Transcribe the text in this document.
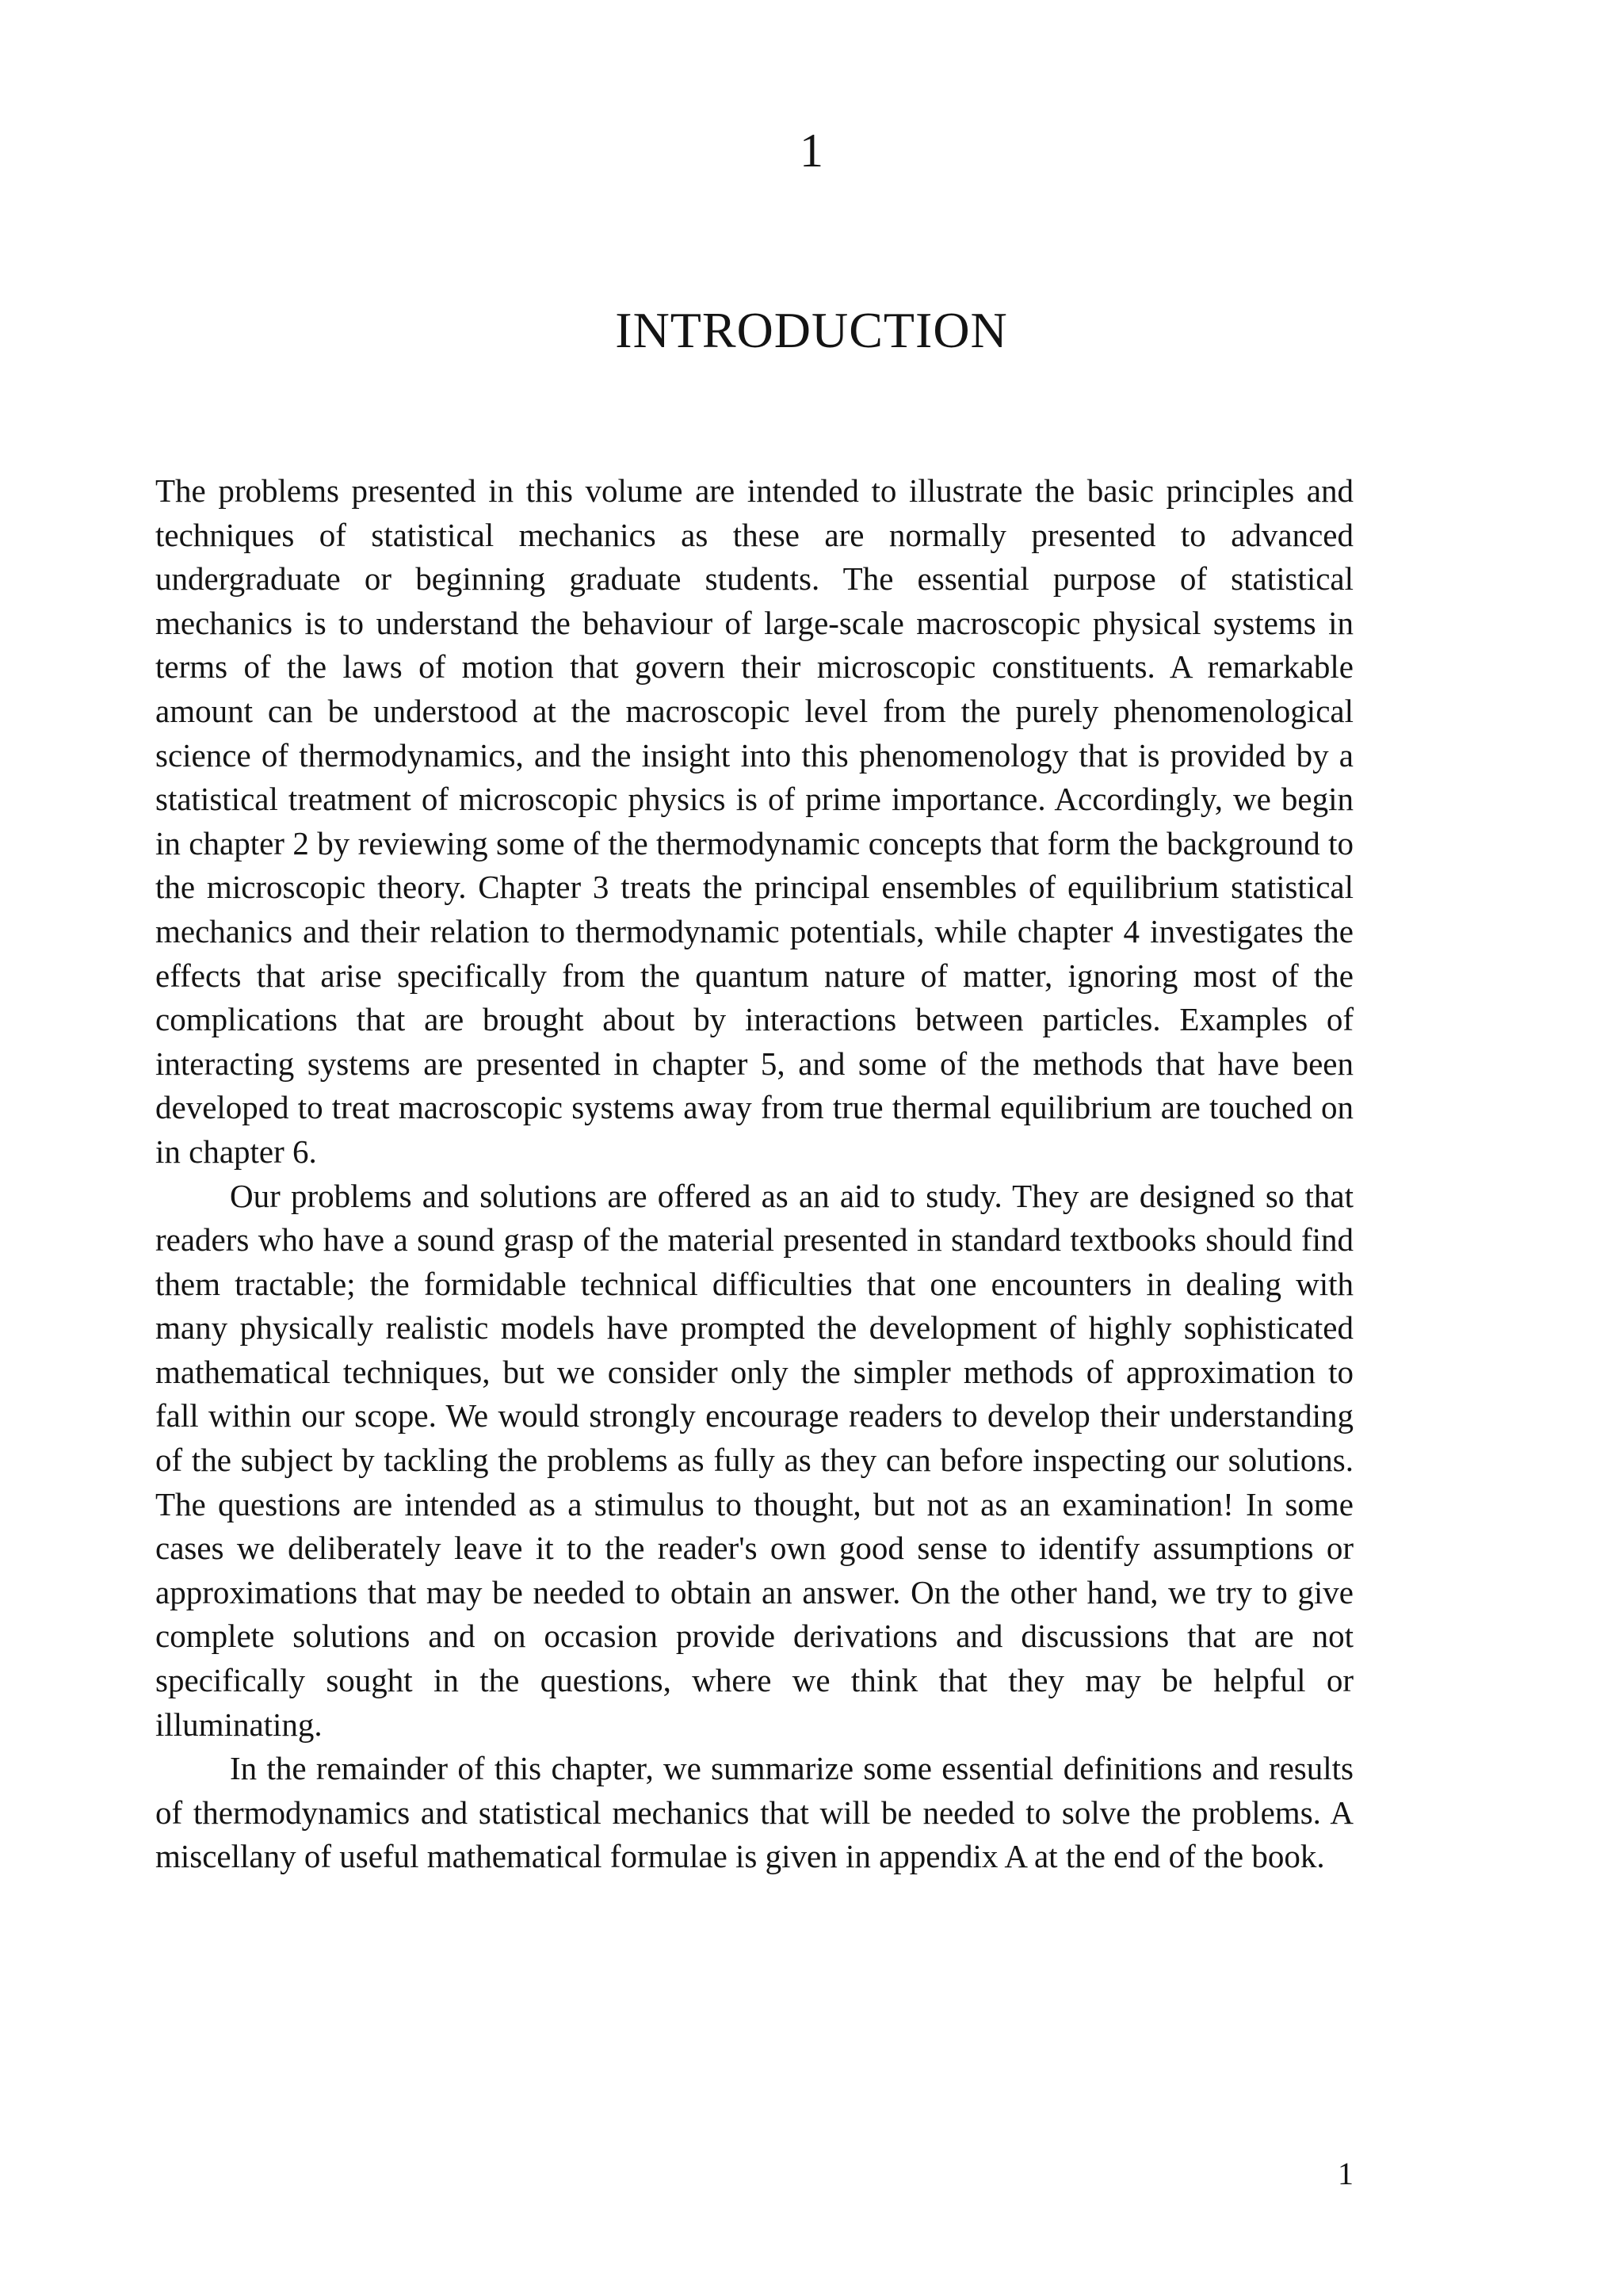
1
INTRODUCTION

The problems presented in this volume are intended to illustrate the basic principles and techniques of statistical mechanics as these are normally presented to advanced undergraduate or beginning graduate students. The essential purpose of statistical mechanics is to understand the behaviour of large-scale macroscopic physical systems in terms of the laws of motion that govern their microscopic constituents. A remarkable amount can be understood at the macroscopic level from the purely phenomenological science of thermodynamics, and the insight into this phenomenology that is provided by a statistical treatment of microscopic physics is of prime importance. Accordingly, we begin in chapter 2 by reviewing some of the thermodynamic concepts that form the background to the microscopic theory. Chapter 3 treats the principal ensembles of equilibrium statistical mechanics and their relation to thermodynamic potentials, while chapter 4 investigates the effects that arise specifically from the quantum nature of matter, ignoring most of the complications that are brought about by interactions between particles. Examples of interacting systems are presented in chapter 5, and some of the methods that have been developed to treat macroscopic systems away from true thermal equilibrium are touched on in chapter 6.

Our problems and solutions are offered as an aid to study. They are designed so that readers who have a sound grasp of the material presented in standard textbooks should find them tractable; the formidable technical difficulties that one encounters in dealing with many physically realistic models have prompted the development of highly sophisticated mathematical techniques, but we consider only the simpler methods of approximation to fall within our scope. We would strongly encourage readers to develop their understanding of the subject by tackling the problems as fully as they can before inspecting our solutions. The questions are intended as a stimulus to thought, but not as an examination! In some cases we deliberately leave it to the reader's own good sense to identify assumptions or approximations that may be needed to obtain an answer. On the other hand, we try to give complete solutions and on occasion provide derivations and discussions that are not specifically sought in the questions, where we think that they may be helpful or illuminating.

In the remainder of this chapter, we summarize some essential definitions and results of thermodynamics and statistical mechanics that will be needed to solve the problems. A miscellany of useful mathematical formulae is given in appendix A at the end of the book.

1
